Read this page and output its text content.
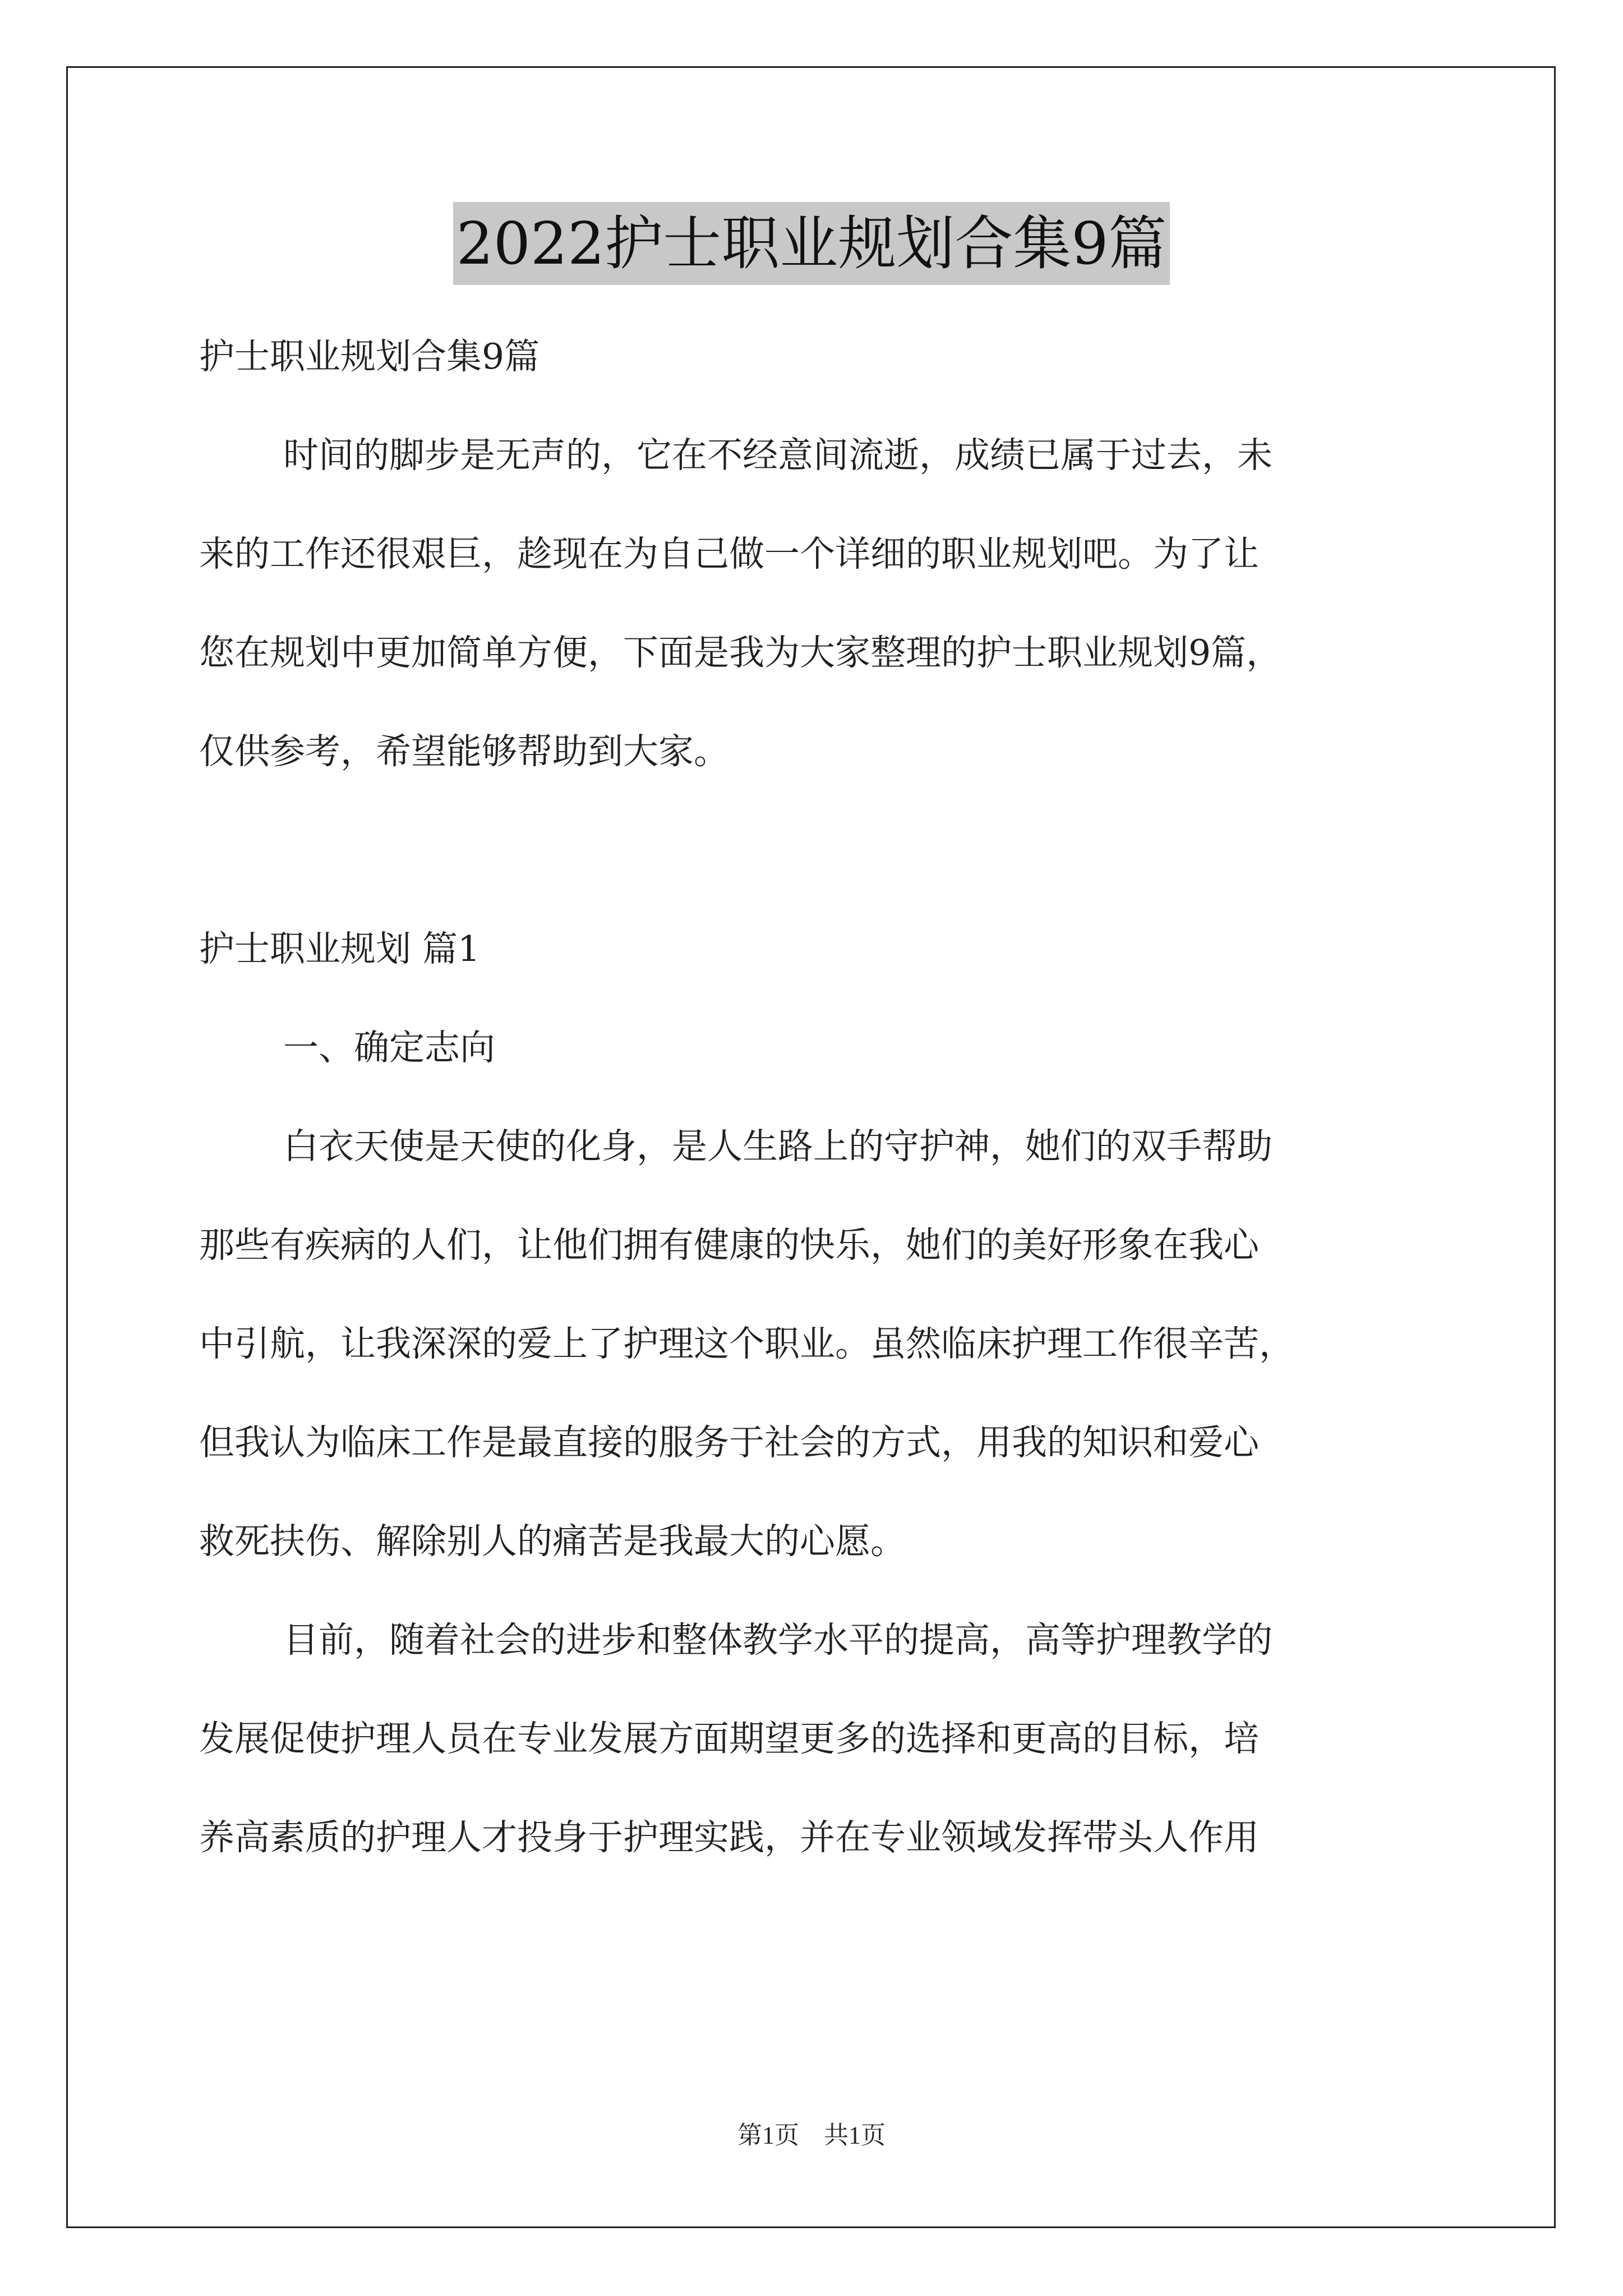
2022护士职业规划合集9篇

护士职业规划合集9篇

时间的脚步是无声的，它在不经意间流逝，成绩已属于过去，未

来的工作还很艰巨，趁现在为自己做一个详细的职业规划吧。为了让

您在规划中更加简单方便，下面是我为大家整理的护士职业规划9篇，

仅供参考，希望能够帮助到大家。

护士职业规划 篇1

一、确定志向

白衣天使是天使的化身，是人生路上的守护神，她们的双手帮助

那些有疾病的人们，让他们拥有健康的快乐，她们的美好形象在我心

中引航，让我深深的爱上了护理这个职业。虽然临床护理工作很辛苦，

但我认为临床工作是最直接的服务于社会的方式，用我的知识和爱心

救死扶伤、解除别人的痛苦是我最大的心愿。

目前，随着社会的进步和整体教学水平的提高，高等护理教学的

发展促使护理人员在专业发展方面期望更多的选择和更高的目标，培

养高素质的护理人才投身于护理实践，并在专业领域发挥带头人作用

第1页　共1页
